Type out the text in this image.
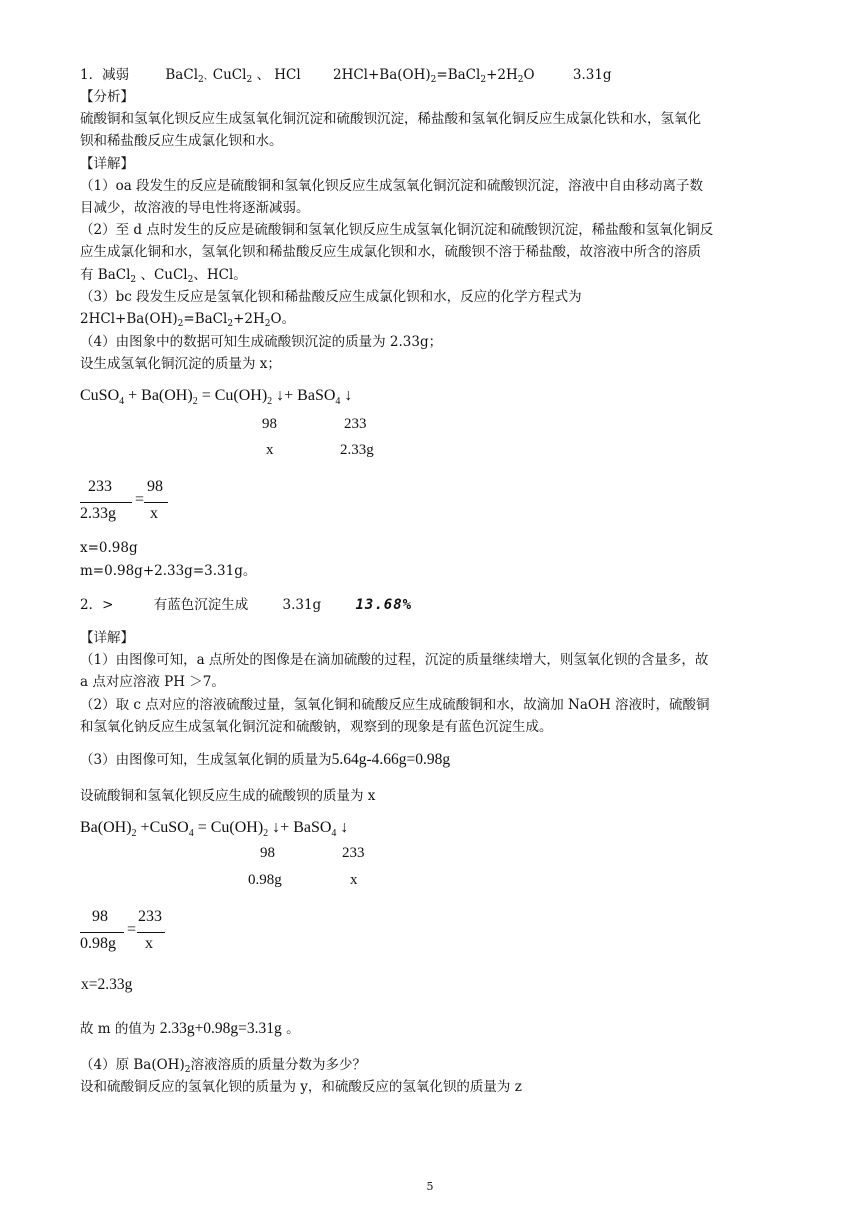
1．减弱	BaCl$_2$、CuCl$_2$ 、 HCl $2HCl+Ba(OH)_2=BaCl_2+2H_2O$	3.31g
【分析】
硫酸铜和氢氧化钡反应生成氢氧化铜沉淀和硫酸钡沉淀，稀盐酸和氢氧化铜反应生成氯化铁和水，氢氧化
钡和稀盐酸反应生成氯化钡和水。
【详解】
（1）oa 段发生的反应是硫酸铜和氢氧化钡反应生成氢氧化铜沉淀和硫酸钡沉淀，溶液中自由移动离子数
目减少，故溶液的导电性将逐渐减弱。
（2）至 d 点时发生的反应是硫酸铜和氢氧化钡反应生成氢氧化铜沉淀和硫酸钡沉淀，稀盐酸和氢氧化铜反
应生成氯化铜和水，氢氧化钡和稀盐酸反应生成氯化钡和水，硫酸钡不溶于稀盐酸，故溶液中所含的溶质
有 BaCl$_2$ 、CuCl$_2$、HCl。
（3）bc 段发生反应是氢氧化钡和稀盐酸反应生成氯化钡和水，反应的化学方程式为
$2HCl+Ba(OH)_2=BaCl_2+2H_2O$。
（4）由图象中的数据可知生成硫酸钡沉淀的质量为 2.33g；
设生成氢氧化铜沉淀的质量为 x；
CuSO$_4$ + $Ba(OH)_2 = Cu(OH)_2$ ↓+ BaSO$_4$ ↓
98	233
x	2.33g
233
2.33g
=
98
x
x=0.98g
m=0.98g+2.33g=3.31g。
2．>	有蓝色沉淀生成	3.31g 13.68%
【详解】
（1）由图像可知，a 点所处的图像是在滴加硫酸的过程，沉淀的质量继续增大，则氢氧化钡的含量多，故
a 点对应溶液 PH ＞7。
（2）取 c 点对应的溶液硫酸过量，氢氧化铜和硫酸反应生成硫酸铜和水，故滴加 NaOH 溶液时，硫酸铜
和氢氧化钠反应生成氢氧化铜沉淀和硫酸钠，观察到的现象是有蓝色沉淀生成。
（3）由图像可知，生成氢氧化铜的质量为5.64g-4.66g=0.98g
设硫酸铜和氢氧化钡反应生成的硫酸钡的质量为 x
$Ba(OH)_2$ +CuSO$_4$ = $Cu(OH)_2$ ↓+ BaSO$_4$ ↓
98	233
0.98g	x
98
0.98g
=
233
x
x=2.33g
故 m 的值为 2.33g+0.98g=3.31g 。
（4）原 $Ba(OH)_2$溶液溶质的质量分数为多少？
设和硫酸铜反应的氢氧化钡的质量为 y，和硫酸反应的氢氧化钡的质量为 z
5
